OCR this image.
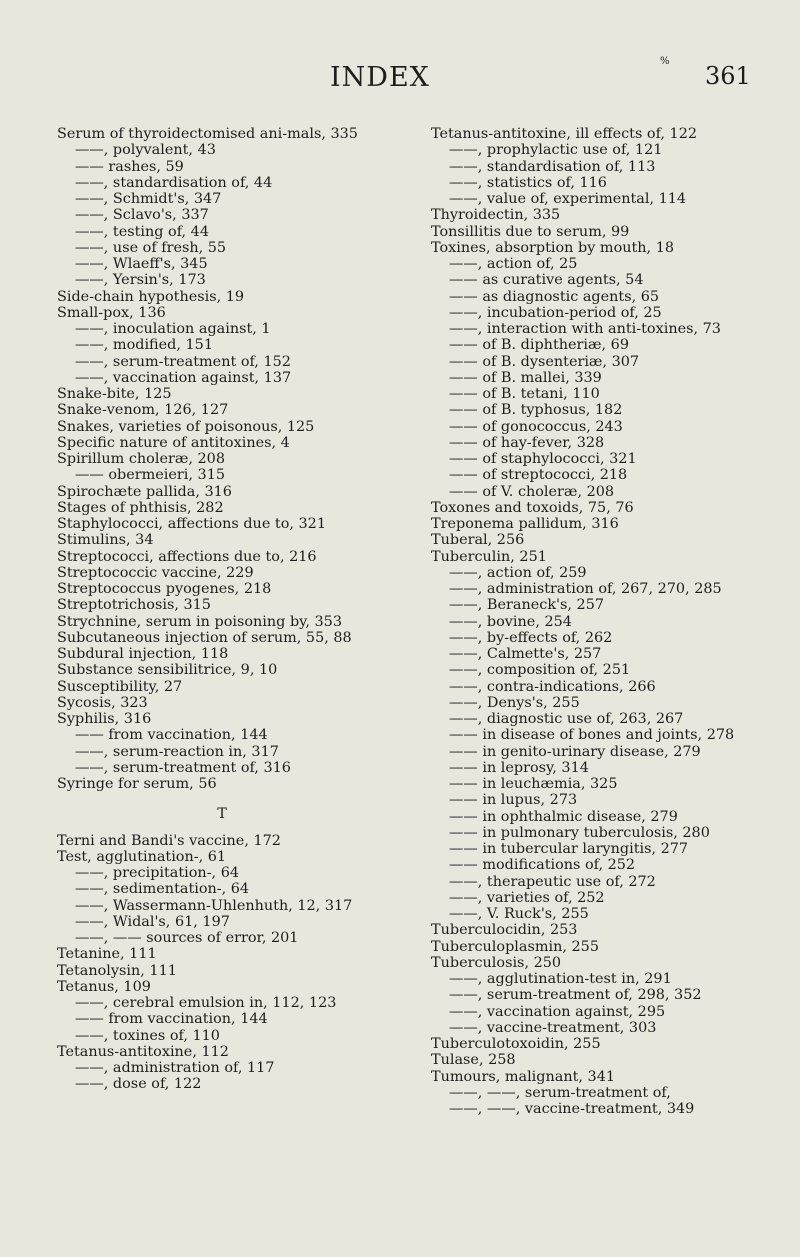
%
INDEX	361
Serum of thyroidectomised ani-mals, 335
——, polyvalent, 43
—— rashes, 59
——, standardisation of, 44
——, Schmidt's, 347
——, Sclavo's, 337
——, testing of, 44
——, use of fresh, 55
——, Wlaeff's, 345
——, Yersin's, 173
Side-chain hypothesis, 19
Small-pox, 136
——, inoculation against, 1
——, modified, 151
——, serum-treatment of, 152
——, vaccination against, 137
Snake-bite, 125
Snake-venom, 126, 127
Snakes, varieties of poisonous, 125
Specific nature of antitoxines, 4
Spirillum choleræ, 208
—— obermeieri, 315
Spirochæte pallida, 316
Stages of phthisis, 282
Staphylococci, affections due to, 321
Stimulins, 34
Streptococci, affections due to, 216
Streptococcic vaccine, 229
Streptococcus pyogenes, 218
Streptotrichosis, 315
Strychnine, serum in poisoning by, 353
Subcutaneous injection of serum, 55, 88
Subdural injection, 118
Substance sensibilitrice, 9, 10
Susceptibility, 27
Sycosis, 323
Syphilis, 316
—— from vaccination, 144
——, serum-reaction in, 317
——, serum-treatment of, 316
Syringe for serum, 56
T
Terni and Bandi's vaccine, 172
Test, agglutination-, 61
——, precipitation-, 64
——, sedimentation-, 64
——, Wassermann-Uhlenhuth, 12, 317
——, Widal's, 61, 197
——, —— sources of error, 201
Tetanine, 111
Tetanolysin, 111
Tetanus, 109
——, cerebral emulsion in, 112, 123
—— from vaccination, 144
——, toxines of, 110
Tetanus-antitoxine, 112
——, administration of, 117
——, dose of, 122
Tetanus-antitoxine, ill effects of, 122
——, prophylactic use of, 121
——, standardisation of, 113
——, statistics of, 116
——, value of, experimental, 114
Thyroidectin, 335
Tonsillitis due to serum, 99
Toxines, absorption by mouth, 18
——, action of, 25
—— as curative agents, 54
—— as diagnostic agents, 65
——, incubation-period of, 25
——, interaction with anti-toxines, 73
—— of B. diphtheriæ, 69
—— of B. dysenteriæ, 307
—— of B. mallei, 339
—— of B. tetani, 110
—— of B. typhosus, 182
—— of gonococcus, 243
—— of hay-fever, 328
—— of staphylococci, 321
—— of streptococci, 218
—— of V. choleræ, 208
Toxones and toxoids, 75, 76
Treponema pallidum, 316
Tuberal, 256
Tuberculin, 251
——, action of, 259
——, administration of, 267, 270, 285
——, Beraneck's, 257
——, bovine, 254
——, by-effects of, 262
——, Calmette's, 257
——, composition of, 251
——, contra-indications, 266
——, Denys's, 255
——, diagnostic use of, 263, 267
—— in disease of bones and joints, 278
—— in genito-urinary disease, 279
—— in leprosy, 314
—— in leuchæmia, 325
—— in lupus, 273
—— in ophthalmic disease, 279
—— in pulmonary tuberculosis, 280
—— in tubercular laryngitis, 277
—— modifications of, 252
——, therapeutic use of, 272
——, varieties of, 252
——, V. Ruck's, 255
Tuberculocidin, 253
Tuberculoplasmin, 255
Tuberculosis, 250
——, agglutination-test in, 291
——, serum-treatment of, 298, 352
——, vaccination against, 295
——, vaccine-treatment, 303
Tuberculotoxoidin, 255
Tulase, 258
Tumours, malignant, 341
——, ——, serum-treatment of,
——, ——, vaccine-treatment, 349
